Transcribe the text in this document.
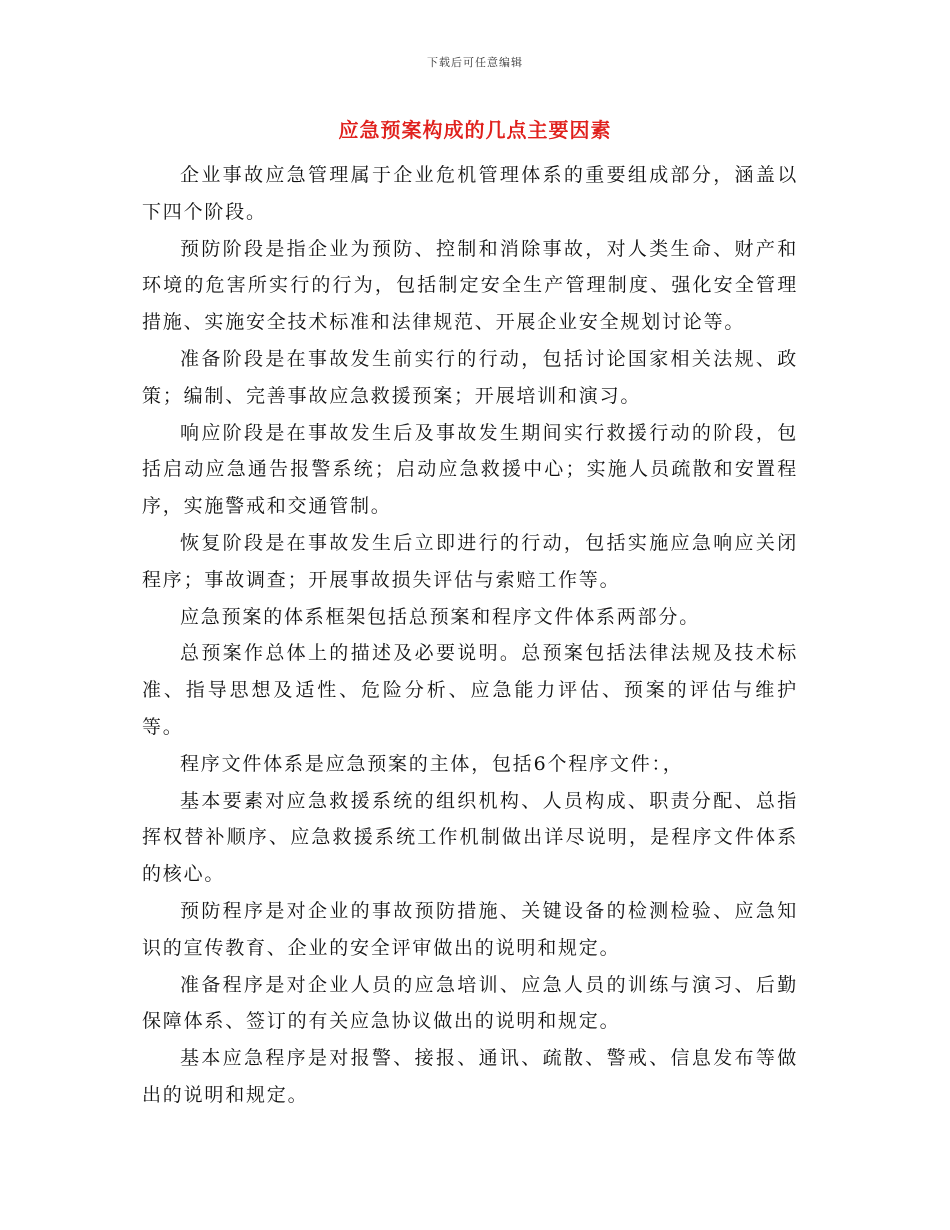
下载后可任意编辑
应急预案构成的几点主要因素

企业事故应急管理属于企业危机管理体系的重要组成部分，涵盖以下四个阶段。

预防阶段是指企业为预防、控制和消除事故，对人类生命、财产和环境的危害所实行的行为，包括制定安全生产管理制度、强化安全管理措施、实施安全技术标准和法律规范、开展企业安全规划讨论等。

准备阶段是在事故发生前实行的行动，包括讨论国家相关法规、政策；编制、完善事故应急救援预案；开展培训和演习。

响应阶段是在事故发生后及事故发生期间实行救援行动的阶段，包括启动应急通告报警系统；启动应急救援中心；实施人员疏散和安置程序，实施警戒和交通管制。

恢复阶段是在事故发生后立即进行的行动，包括实施应急响应关闭程序；事故调查；开展事故损失评估与索赔工作等。

应急预案的体系框架包括总预案和程序文件体系两部分。

总预案作总体上的描述及必要说明。总预案包括法律法规及技术标准、指导思想及适性、危险分析、应急能力评估、预案的评估与维护等。

程序文件体系是应急预案的主体，包括6个程序文件：，

基本要素对应急救援系统的组织机构、人员构成、职责分配、总指挥权替补顺序、应急救援系统工作机制做出详尽说明，是程序文件体系的核心。

预防程序是对企业的事故预防措施、关键设备的检测检验、应急知识的宣传教育、企业的安全评审做出的说明和规定。

准备程序是对企业人员的应急培训、应急人员的训练与演习、后勤保障体系、签订的有关应急协议做出的说明和规定。

基本应急程序是对报警、接报、通讯、疏散、警戒、信息发布等做出的说明和规定。
